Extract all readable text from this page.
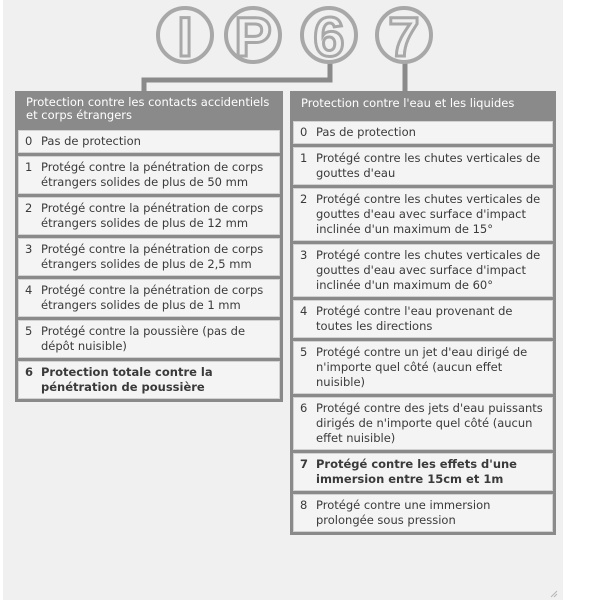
I P 6 7
Protection contre les contacts accidentiels et corps étrangers
0 Pas de protection
1 Protégé contre la pénétration de corps étrangers solides de plus de 50 mm
2 Protégé contre la pénétration de corps étrangers solides de plus de 12 mm
3 Protégé contre la pénétration de corps étrangers solides de plus de 2,5 mm
4 Protégé contre la pénétration de corps étrangers solides de plus de 1 mm
5 Protégé contre la poussière (pas de dépôt nuisible)
6 Protection totale contre la pénétration de poussière
Protection contre l'eau et les liquides
0 Pas de protection
1 Protégé contre les chutes verticales de gouttes d'eau
2 Protégé contre les chutes verticales de gouttes d'eau avec surface d'impact inclinée d'un maximum de 15°
3 Protégé contre les chutes verticales de gouttes d'eau avec surface d'impact inclinée d'un maximum de 60°
4 Protégé contre l'eau provenant de toutes les directions
5 Protégé contre un jet d'eau dirigé de n'importe quel côté (aucun effet nuisible)
6 Protégé contre des jets d'eau puissants dirigés de n'importe quel côté (aucun effet nuisible)
7 Protégé contre les effets d'une immersion entre 15cm et 1m
8 Protégé contre une immersion prolongée sous pression
